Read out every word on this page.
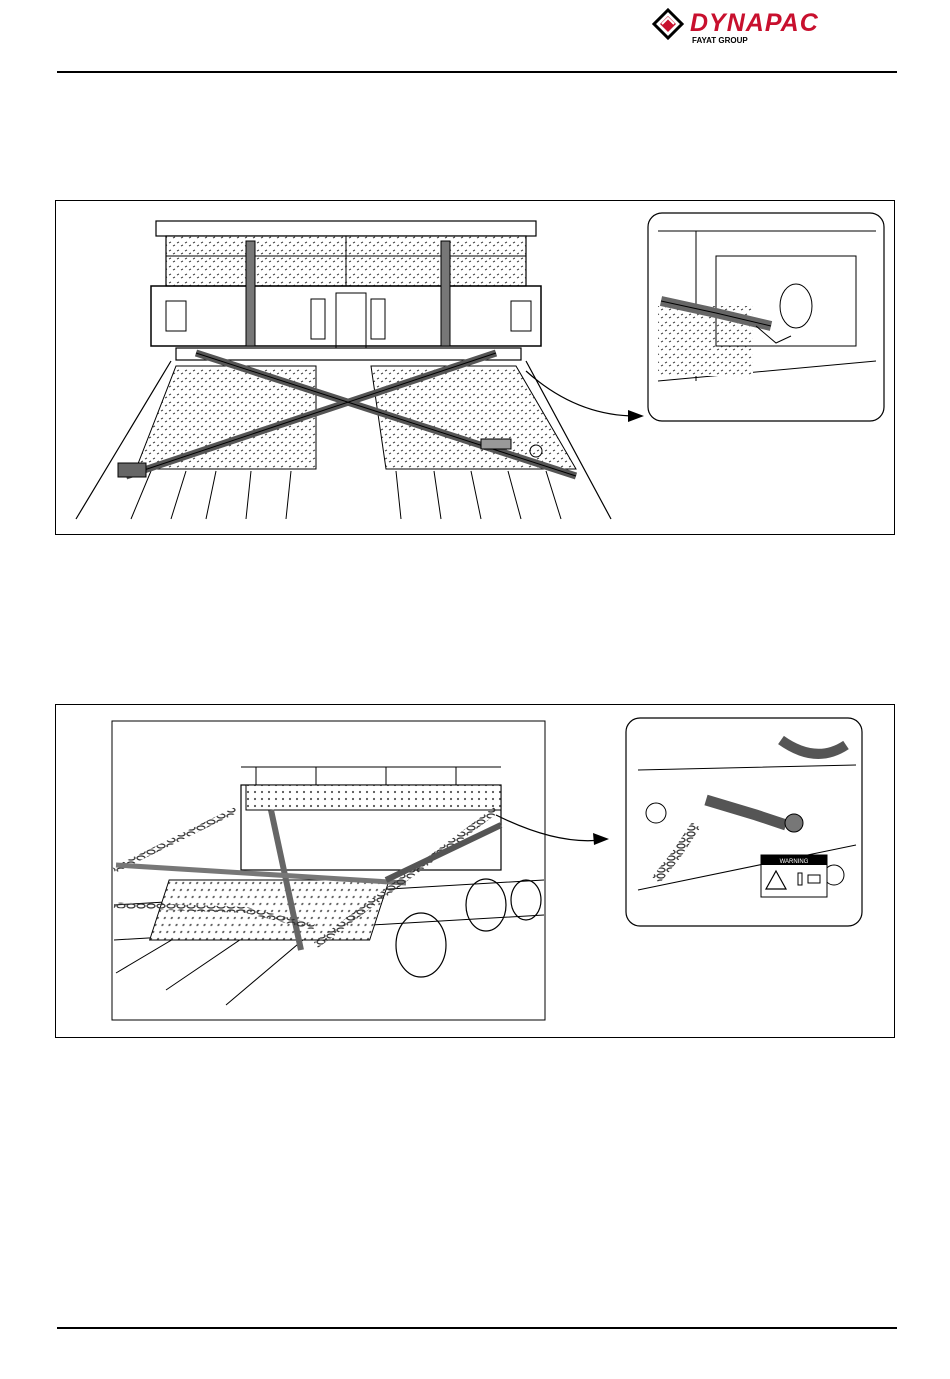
DYNAPAC
FAYAT GROUP
WARNING
